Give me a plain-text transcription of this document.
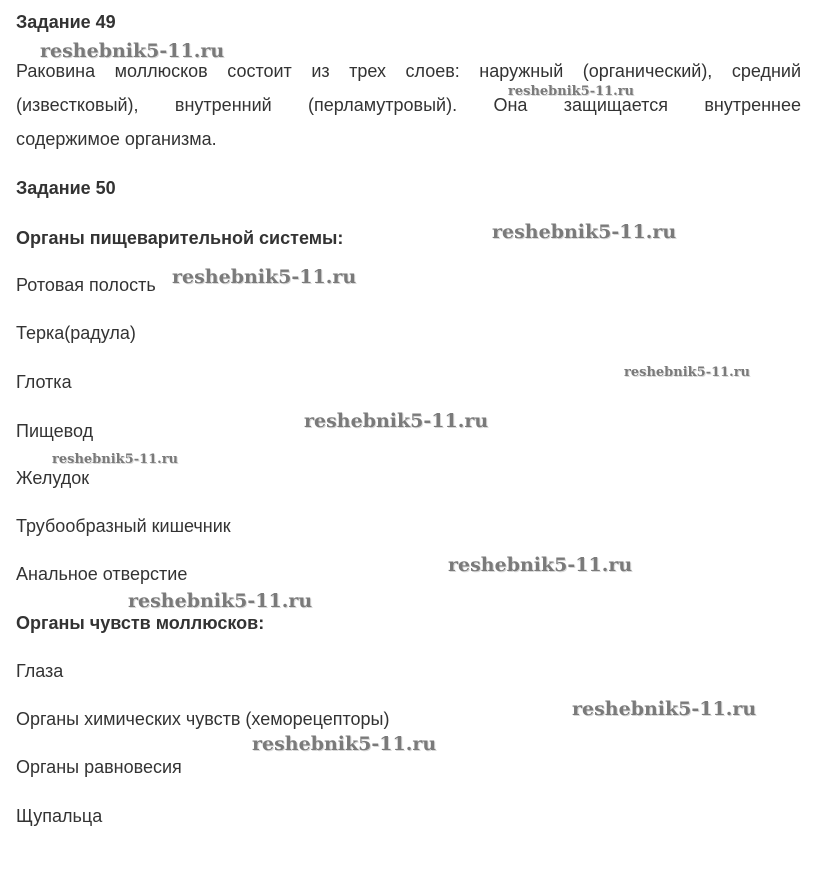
Задание 49
Раковина моллюсков состоит из трех слоев: наружный (органический), средний
(известковый), внутренний (перламутровый). Она защищается внутреннее
содержимое организма.
Задание 50
Органы пищеварительной системы:
Ротовая полость
Терка(радула)
Глотка
Пищевод
Желудок
Трубообразный кишечник
Анальное отверстие
Органы чувств моллюсков:
Глаза
Органы химических чувств (хеморецепторы)
Органы равновесия
Щупальца
reshebnik5-11.ru
reshebnik5-11.ru
reshebnik5-11.ru
reshebnik5-11.ru
reshebnik5-11.ru
reshebnik5-11.ru
reshebnik5-11.ru
reshebnik5-11.ru
reshebnik5-11.ru
reshebnik5-11.ru
reshebnik5-11.ru
